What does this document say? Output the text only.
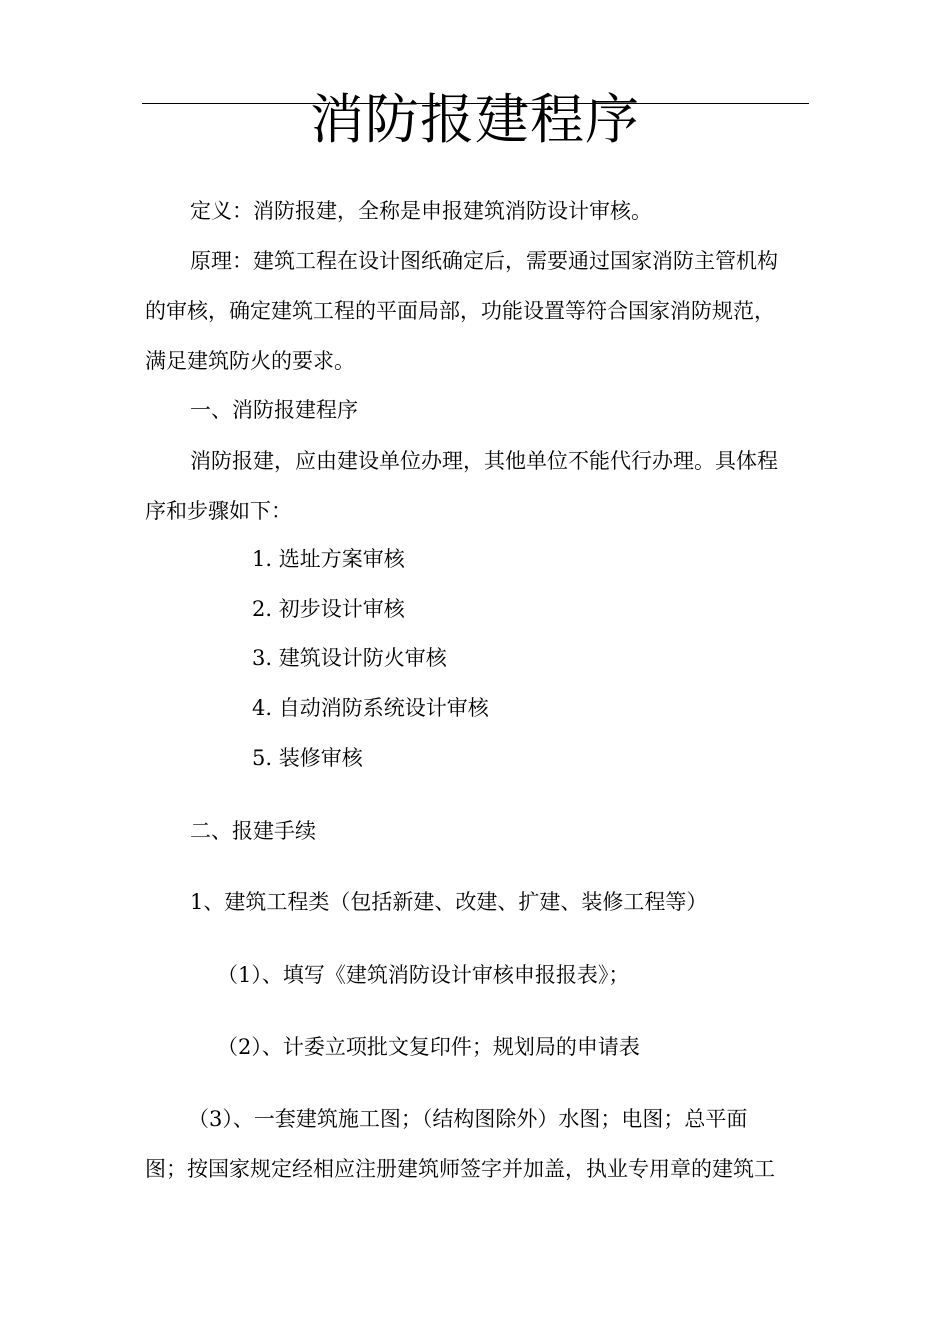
消防报建程序
定义：消防报建，全称是申报建筑消防设计审核。
原理：建筑工程在设计图纸确定后，需要通过国家消防主管机构
的审核，确定建筑工程的平面局部，功能设置等符合国家消防规范，
满足建筑防火的要求。
一、消防报建程序
消防报建，应由建设单位办理，其他单位不能代行办理。具体程
序和步骤如下：
1. 选址方案审核
2. 初步设计审核
3. 建筑设计防火审核
4. 自动消防系统设计审核
5. 装修审核
二、报建手续
1、建筑工程类（包括新建、改建、扩建、装修工程等）
（1）、填写《建筑消防设计审核申报报表》；
（2）、计委立项批文复印件；规划局的申请表
（3）、一套建筑施工图；（结构图除外）水图；电图；总平面
图；按国家规定经相应注册建筑师签字并加盖，执业专用章的建筑工
